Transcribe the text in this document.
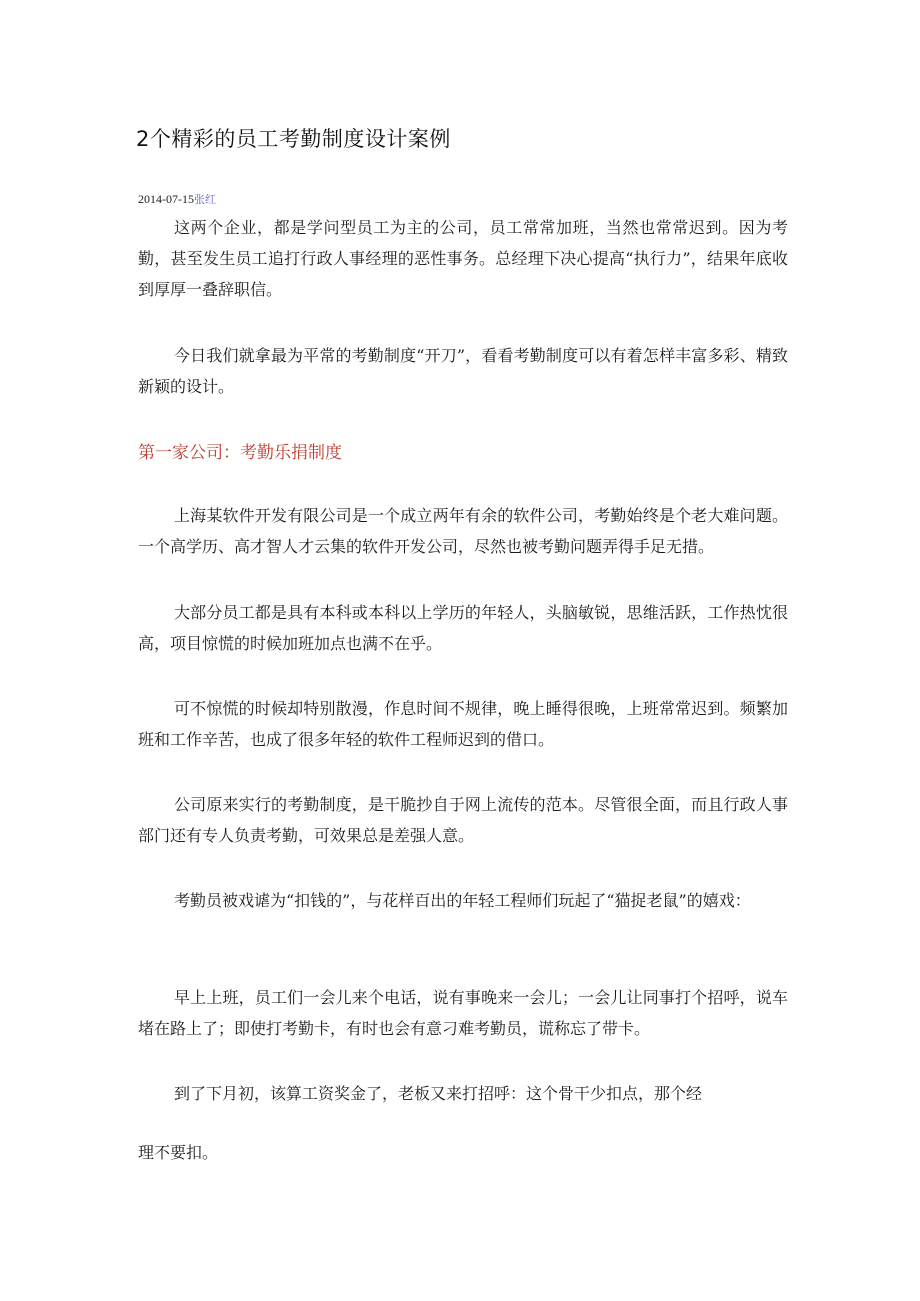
2个精彩的员工考勤制度设计案例
2014-07-15张红

这两个企业，都是学问型员工为主的公司，员工常常加班，当然也常常迟到。因为考勤，甚至发生员工追打行政人事经理的恶性事务。总经理下决心提高“执行力”，结果年底收到厚厚一叠辞职信。

今日我们就拿最为平常的考勤制度“开刀”，看看考勤制度可以有着怎样丰富多彩、精致新颖的设计。

第一家公司：考勤乐捐制度

上海某软件开发有限公司是一个成立两年有余的软件公司，考勤始终是个老大难问题。一个高学历、高才智人才云集的软件开发公司，尽然也被考勤问题弄得手足无措。

大部分员工都是具有本科或本科以上学历的年轻人，头脑敏锐，思维活跃，工作热忱很高，项目惊慌的时候加班加点也满不在乎。

可不惊慌的时候却特别散漫，作息时间不规律，晚上睡得很晚，上班常常迟到。频繁加班和工作辛苦，也成了很多年轻的软件工程师迟到的借口。

公司原来实行的考勤制度，是干脆抄自于网上流传的范本。尽管很全面，而且行政人事部门还有专人负责考勤，可效果总是差强人意。

考勤员被戏谑为“扣钱的”，与花样百出的年轻工程师们玩起了“猫捉老鼠”的嬉戏：

早上上班，员工们一会儿来个电话，说有事晚来一会儿；一会儿让同事打个招呼，说车堵在路上了；即使打考勤卡，有时也会有意刁难考勤员，谎称忘了带卡。

到了下月初，该算工资奖金了，老板又来打招呼：这个骨干少扣点，那个经

理不要扣。
